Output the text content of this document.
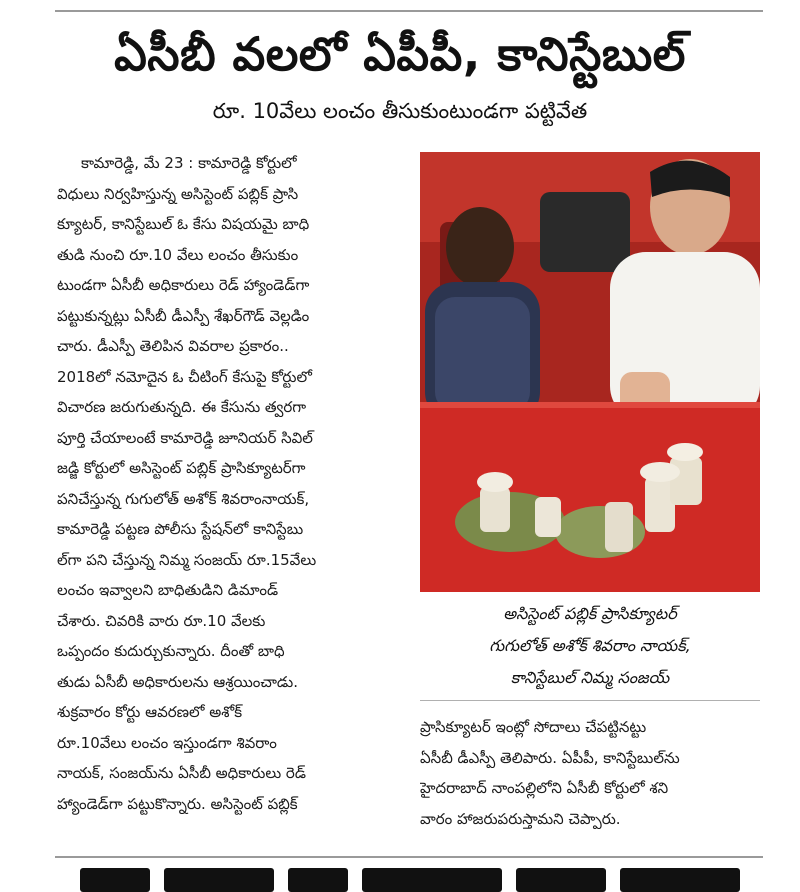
ఏసీబీ వలలో ఏపీపీ, కానిస్టేబుల్
రూ. 10వేలు లంచం తీసుకుంటుండగా పట్టివేత
కామారెడ్డి, మే 23 : కామారెడ్డి కోర్టులో
విధులు నిర్వహిస్తున్న అసిస్టెంట్ పబ్లిక్ ప్రాసి
క్యూటర్, కానిస్టేబుల్ ఓ కేసు విషయమై బాధి
తుడి నుంచి రూ.10 వేలు లంచం తీసుకుం
టుండగా ఏసీబీ అధికారులు రెడ్ హ్యాండెడ్‌గా
పట్టుకున్నట్లు ఏసీబీ డీఎస్పీ శేఖర్‌గౌడ్ వెల్లడిం
చారు. డీఎస్పీ తెలిపిన వివరాల ప్రకారం..
2018లో నమోదైన ఓ చీటింగ్ కేసుపై కోర్టులో
విచారణ జరుగుతున్నది. ఈ కేసును త్వరగా
పూర్తి చేయాలంటే కామారెడ్డి జూనియర్ సివిల్
జడ్జి కోర్టులో అసిస్టెంట్ పబ్లిక్ ప్రాసిక్యూటర్‌గా
పనిచేస్తున్న గుగులోత్ అశోక్ శివరాంనాయక్,
కామారెడ్డి పట్టణ పోలీసు స్టేషన్‌లో కానిస్టేబు
ల్‌గా పని చేస్తున్న నిమ్మ సంజయ్ రూ.15వేలు
లంచం ఇవ్వాలని బాధితుడిని డిమాండ్
చేశారు. చివరికి వారు రూ.10 వేలకు
ఒప్పందం కుదుర్చుకున్నారు. దీంతో బాధి
తుడు ఏసీబీ అధికారులను ఆశ్రయించాడు.
శుక్రవారం కోర్టు ఆవరణలో అశోక్
రూ.10వేలు లంచం ఇస్తుండగా శివరాం
నాయక్, సంజయ్‌ను ఏసీబీ అధికారులు రెడ్
హ్యాండెడ్‌గా పట్టుకొన్నారు. అసిస్టెంట్ పబ్లిక్
అసిస్టెంట్ పబ్లిక్ ప్రాసిక్యూటర్
గుగులోత్ అశోక్ శివరాం నాయక్,
కానిస్టేబుల్ నిమ్మ సంజయ్
ప్రాసిక్యూటర్ ఇంట్లో సోదాలు చేపట్టినట్టు
ఏసీబీ డీఎస్పీ తెలిపారు. ఏపీపీ, కానిస్టేబుల్‌ను
హైదరాబాద్ నాంపల్లిలోని ఏసీబీ కోర్టులో శని
వారం హాజరుపరుస్తామని చెప్పారు.
